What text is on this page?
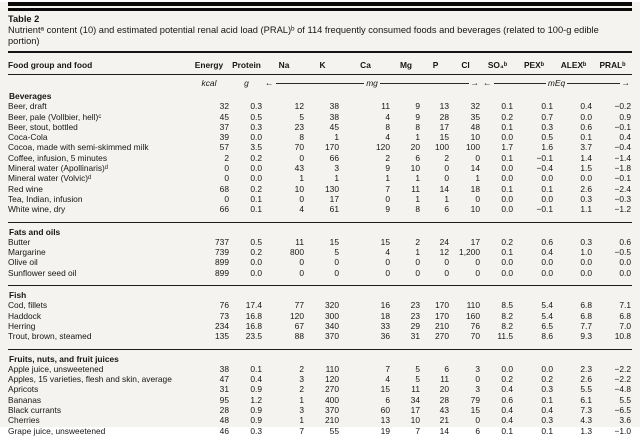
Table 2
Nutrientᵃ content (10) and estimated potential renal acid load (PRAL)ᵇ of 114 frequently consumed foods and beverages (related to 100-g edible portion)
Food group and food	Energy	Protein	Na	K	Ca	Mg	P	Cl	SO₄ᵇ	PEXᵇ	ALEXᵇ	PRALᵇ
	kcal	g	← mg →						← mEq →			

Beverages												
Beer, draft	32	0.3	12	38	11	9	13	32	0.1	0.1	0.4	−0.2
Beer, pale (Vollbier, hell)ᶜ	45	0.5	5	38	4	9	28	35	0.2	0.7	0.0	0.9
Beer, stout, bottled	37	0.3	23	45	8	8	17	48	0.1	0.3	0.6	−0.1
Coca-Cola	39	0.0	8	1	4	1	15	10	0.0	0.5	0.1	0.4
Cocoa, made with semi-skimmed milk	57	3.5	70	170	120	20	100	100	1.7	1.6	3.7	−0.4
Coffee, infusion, 5 minutes	2	0.2	0	66	2	6	2	0	0.1	−0.1	1.4	−1.4
Mineral water (Apollinaris)ᵈ	0	0.0	43	3	9	10	0	14	0.0	−0.4	1.5	−1.8
Mineral water (Volvic)ᵈ	0	0.0	1	1	1	1	0	1	0.0	0.0	0.0	−0.1
Red wine	68	0.2	10	130	7	11	14	18	0.1	0.1	2.6	−2.4
Tea, Indian, infusion	0	0.1	0	17	0	1	1	0	0.0	0.0	0.3	−0.3
White wine, dry	66	0.1	4	61	9	8	6	10	0.0	−0.1	1.1	−1.2

Fats and oils												
Butter	737	0.5	11	15	15	2	24	17	0.2	0.6	0.3	0.6
Margarine	739	0.2	800	5	4	1	12	1,200	0.1	0.4	1.0	−0.5
Olive oil	899	0.0	0	0	0	0	0	0	0.0	0.0	0.0	0.0
Sunflower seed oil	899	0.0	0	0	0	0	0	0	0.0	0.0	0.0	0.0

Fish												
Cod, fillets	76	17.4	77	320	16	23	170	110	8.5	5.4	6.8	7.1
Haddock	73	16.8	120	300	18	23	170	160	8.2	5.4	6.8	6.8
Herring	234	16.8	67	340	33	29	210	76	8.2	6.5	7.7	7.0
Trout, brown, steamed	135	23.5	88	370	36	31	270	70	11.5	8.6	9.3	10.8

Fruits, nuts, and fruit juices												
Apple juice, unsweetened	38	0.1	2	110	7	5	6	3	0.0	0.0	2.3	−2.2
Apples, 15 varieties, flesh and skin, average	47	0.4	3	120	4	5	11	0	0.2	0.2	2.6	−2.2
Apricots	31	0.9	2	270	15	11	20	3	0.4	0.3	5.5	−4.8
Bananas	95	1.2	1	400	6	34	28	79	0.6	0.1	6.1	5.5
Black currants	28	0.9	3	370	60	17	43	15	0.4	0.4	7.3	−6.5
Cherries	48	0.9	1	210	13	10	21	0	0.4	0.3	4.3	3.6
Grape juice, unsweetened	46	0.3	7	55	19	7	14	6	0.1	0.1	1.3	−1.0
